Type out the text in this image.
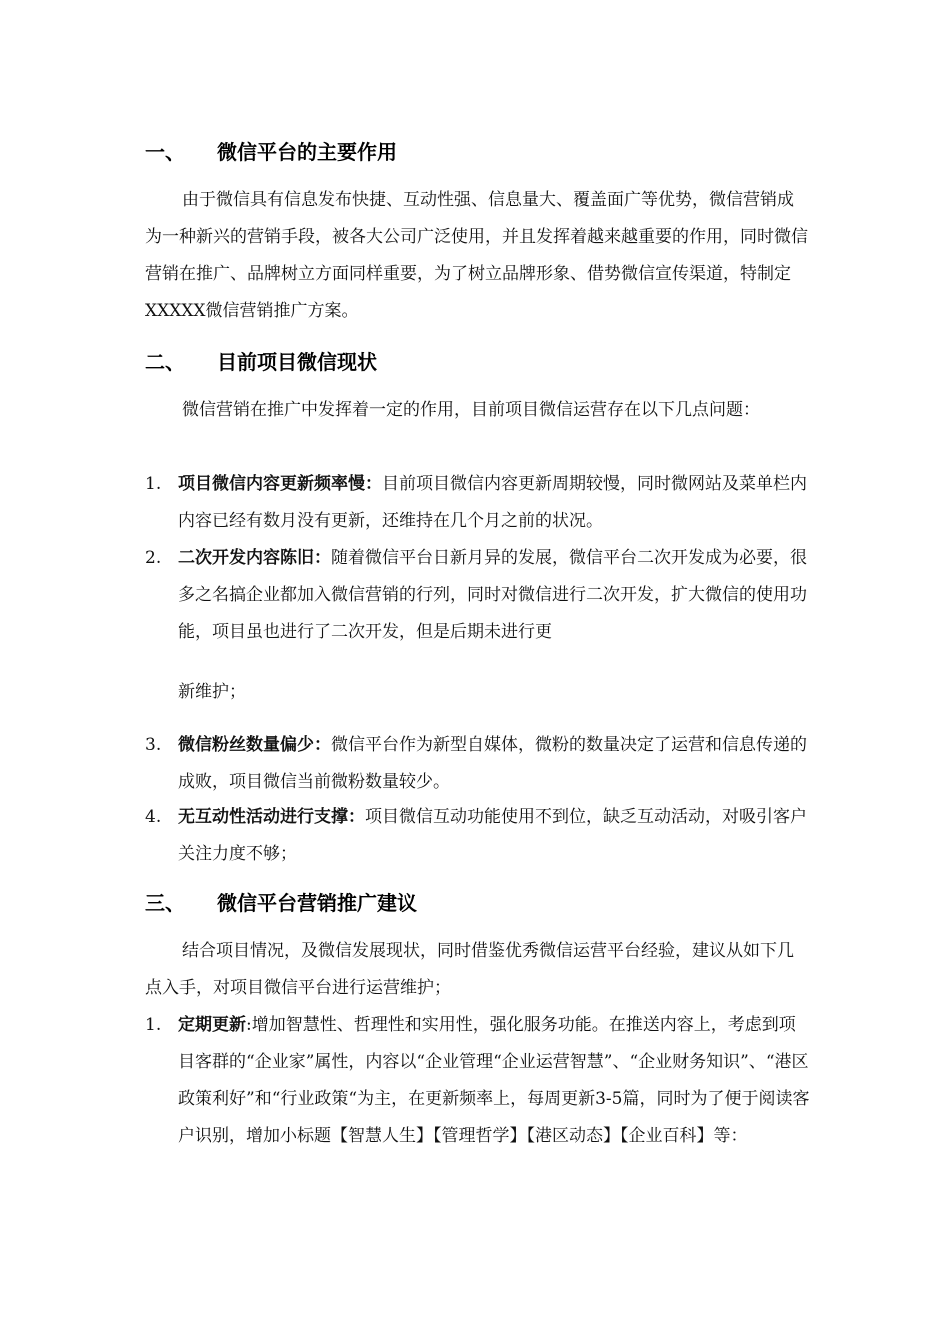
一、 微信平台的主要作用

由于微信具有信息发布快捷、互动性强、信息量大、覆盖面广等优势，微信营销成为一种新兴的营销手段，被各大公司广泛使用，并且发挥着越来越重要的作用，同时微信营销在推广、品牌树立方面同样重要，为了树立品牌形象、借势微信宣传渠道，特制定XXXXX微信营销推广方案。

二、 目前项目微信现状

微信营销在推广中发挥着一定的作用，目前项目微信运营存在以下几点问题：

1. 项目微信内容更新频率慢：目前项目微信内容更新周期较慢，同时微网站及菜单栏内内容已经有数月没有更新，还维持在几个月之前的状况。
2. 二次开发内容陈旧：随着微信平台日新月异的发展，微信平台二次开发成为必要，很多之名搞企业都加入微信营销的行列，同时对微信进行二次开发，扩大微信的使用功能，项目虽也进行了二次开发，但是后期未进行更
新维护；
3. 微信粉丝数量偏少：微信平台作为新型自媒体，微粉的数量决定了运营和信息传递的成败，项目微信当前微粉数量较少。
4. 无互动性活动进行支撑：项目微信互动功能使用不到位，缺乏互动活动，对吸引客户关注力度不够；
三、 微信平台营销推广建议

结合项目情况，及微信发展现状，同时借鉴优秀微信运营平台经验，建议从如下几点入手，对项目微信平台进行运营维护；

1. 定期更新:增加智慧性、哲理性和实用性，强化服务功能。在推送内容上，考虑到项目客群的“企业家”属性，内容以“企业管理“企业运营智慧”、“企业财务知识”、“港区政策利好”和“行业政策“为主，在更新频率上，每周更新3-5篇，同时为了便于阅读客户识别，增加小标题【智慧人生】【管理哲学】【港区动态】【企业百科】等：
